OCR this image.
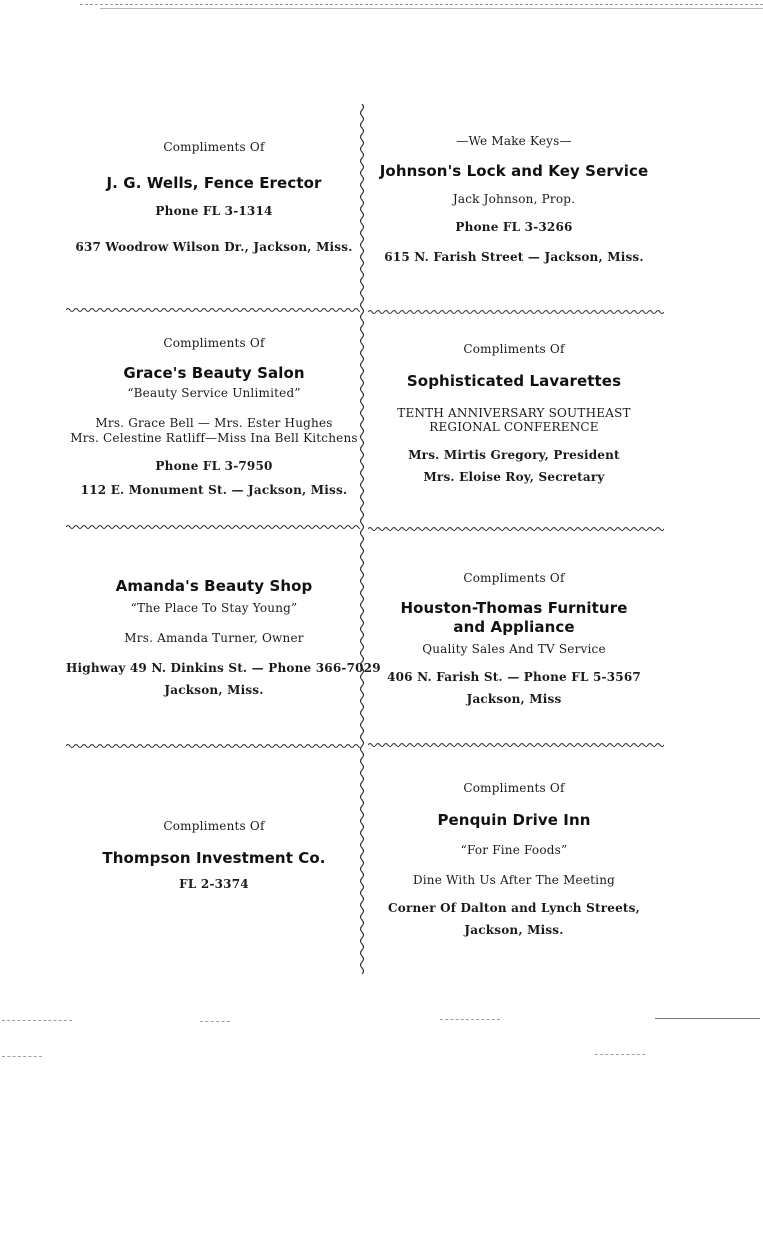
Compliments Of
J. G. Wells, Fence Erector
Phone FL 3-1314
637 Woodrow Wilson Dr., Jackson, Miss.
—We Make Keys—
Johnson's Lock and Key Service
Jack Johnson, Prop.
Phone FL 3-3266
615 N. Farish Street — Jackson, Miss.
Compliments Of
Grace's Beauty Salon
“Beauty Service Unlimited”
Mrs. Grace Bell — Mrs. Ester Hughes
Mrs. Celestine Ratliff—Miss Ina Bell Kitchens
Phone FL 3-7950
112 E. Monument St. — Jackson, Miss.
Compliments Of
Sophisticated Lavarettes
TENTH ANNIVERSARY SOUTHEAST
REGIONAL CONFERENCE
Mrs. Mirtis Gregory, President
Mrs. Eloise Roy, Secretary
Amanda's Beauty Shop
“The Place To Stay Young”
Mrs. Amanda Turner, Owner
Highway 49 N. Dinkins St. — Phone 366-7029
Jackson, Miss.
Compliments Of
Houston-Thomas Furniture
and Appliance
Quality Sales And TV Service
406 N. Farish St. — Phone FL 5-3567
Jackson, Miss
Compliments Of
Thompson Investment Co.
FL 2-3374
Compliments Of
Penquin Drive Inn
“For Fine Foods”
Dine With Us After The Meeting
Corner Of Dalton and Lynch Streets,
Jackson, Miss.
